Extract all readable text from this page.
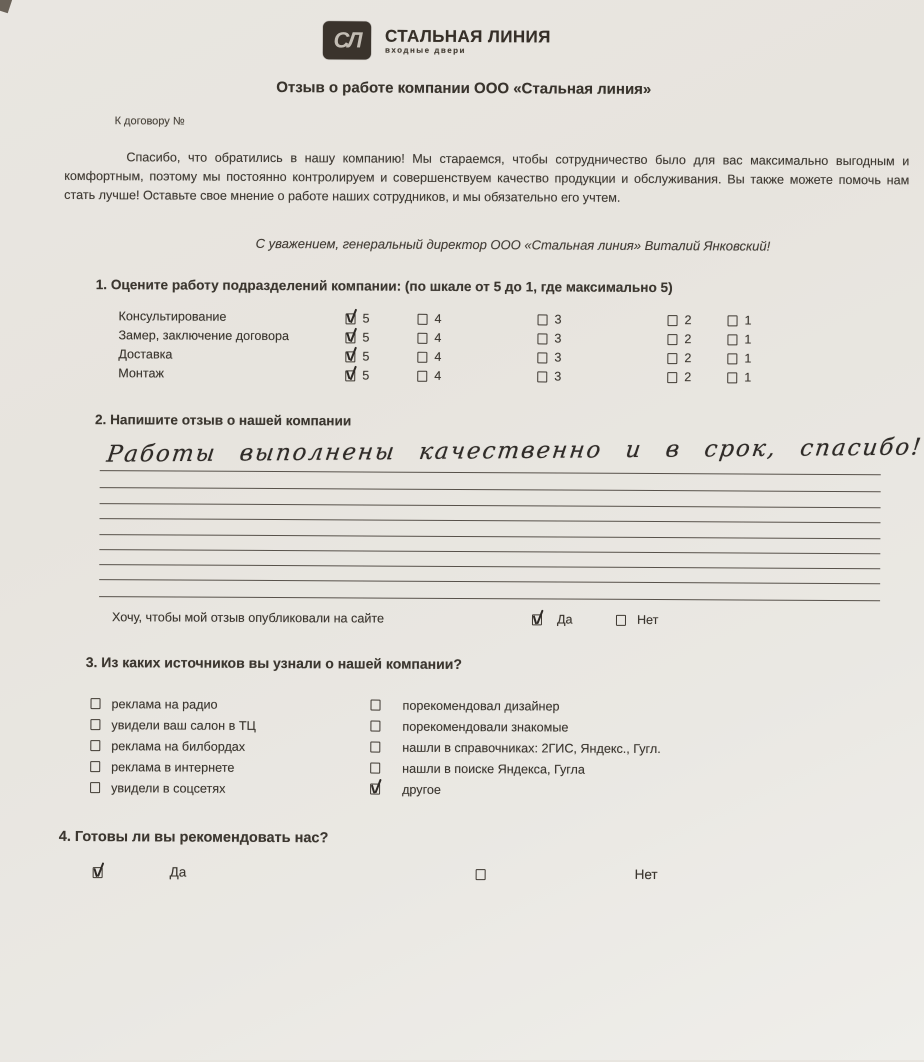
СЛ СТАЛЬНАЯ ЛИНИЯ
входные двери
Отзыв о работе компании ООО «Стальная линия»
К договору №
Спасибо, что обратились в нашу компанию! Мы стараемся, чтобы сотрудничество было для вас максимально выгодным и комфортным, поэтому мы постоянно контролируем и совершенствуем качество продукции и обслуживания. Вы также можете помочь нам стать лучше! Оставьте свое мнение о работе наших сотрудников, и мы обязательно его учтем.
С уважением, генеральный директор ООО «Стальная линия» Виталий Янковский!
1. Оцените работу подразделений компании: (по шкале от 5 до 1, где максимально 5)
Консультирование	5	4	3	2	1
Замер, заключение договора	5	4	3	2	1
Доставка	5	4	3	2	1
Монтаж	5	4	3	2	1
2. Напишите отзыв о нашей компании
Работы выполнены качественно и в срок, спасибо!
Хочу, чтобы мой отзыв опубликовали на сайте	Да	Нет
3. Из каких источников вы узнали о нашей компании?
реклама на радио
увидели ваш салон в ТЦ
реклама на билбордах
реклама в интернете
увидели в соцсетях
порекомендовал дизайнер
порекомендовали знакомые
нашли в справочниках: 2ГИС, Яндекс., Гугл.
нашли в поиске Яндекса, Гугла
другое
4. Готовы ли вы рекомендовать нас?
Да	Нет
